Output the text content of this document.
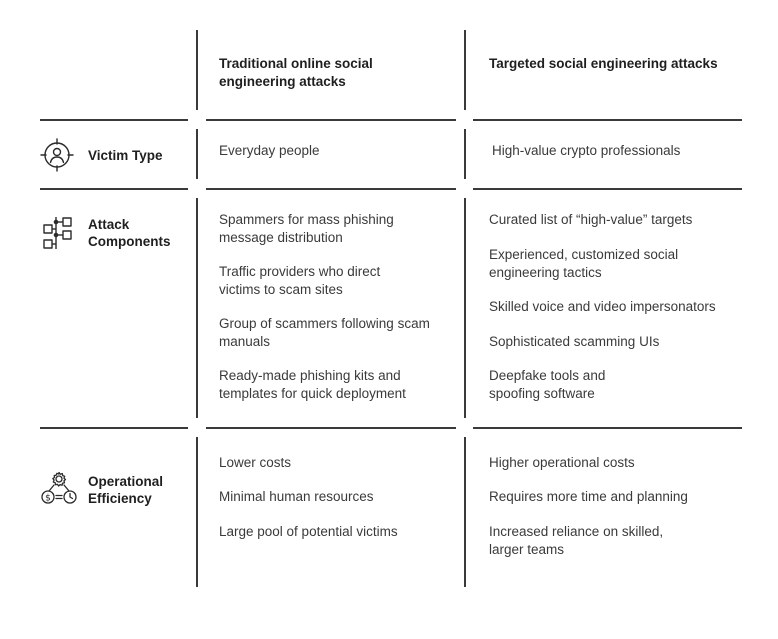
Traditional online social
engineering attacks
Targeted social engineering attacks
Victim Type	Everyday people	High-value crypto professionals

Attack
Components

Spammers for mass phishing
message distribution

Traffic providers who direct
victims to scam sites

Group of scammers following scam
manuals

Ready-made phishing kits and
templates for quick deployment

Curated list of “high-value” targets

Experienced, customized social
engineering tactics

Skilled voice and video impersonators

Sophisticated scamming UIs

Deepfake tools and
spoofing software

$
Operational
Efficiency

Lower costs

Minimal human resources

Large pool of potential victims

Higher operational costs

Requires more time and planning

Increased reliance on skilled,
larger teams
